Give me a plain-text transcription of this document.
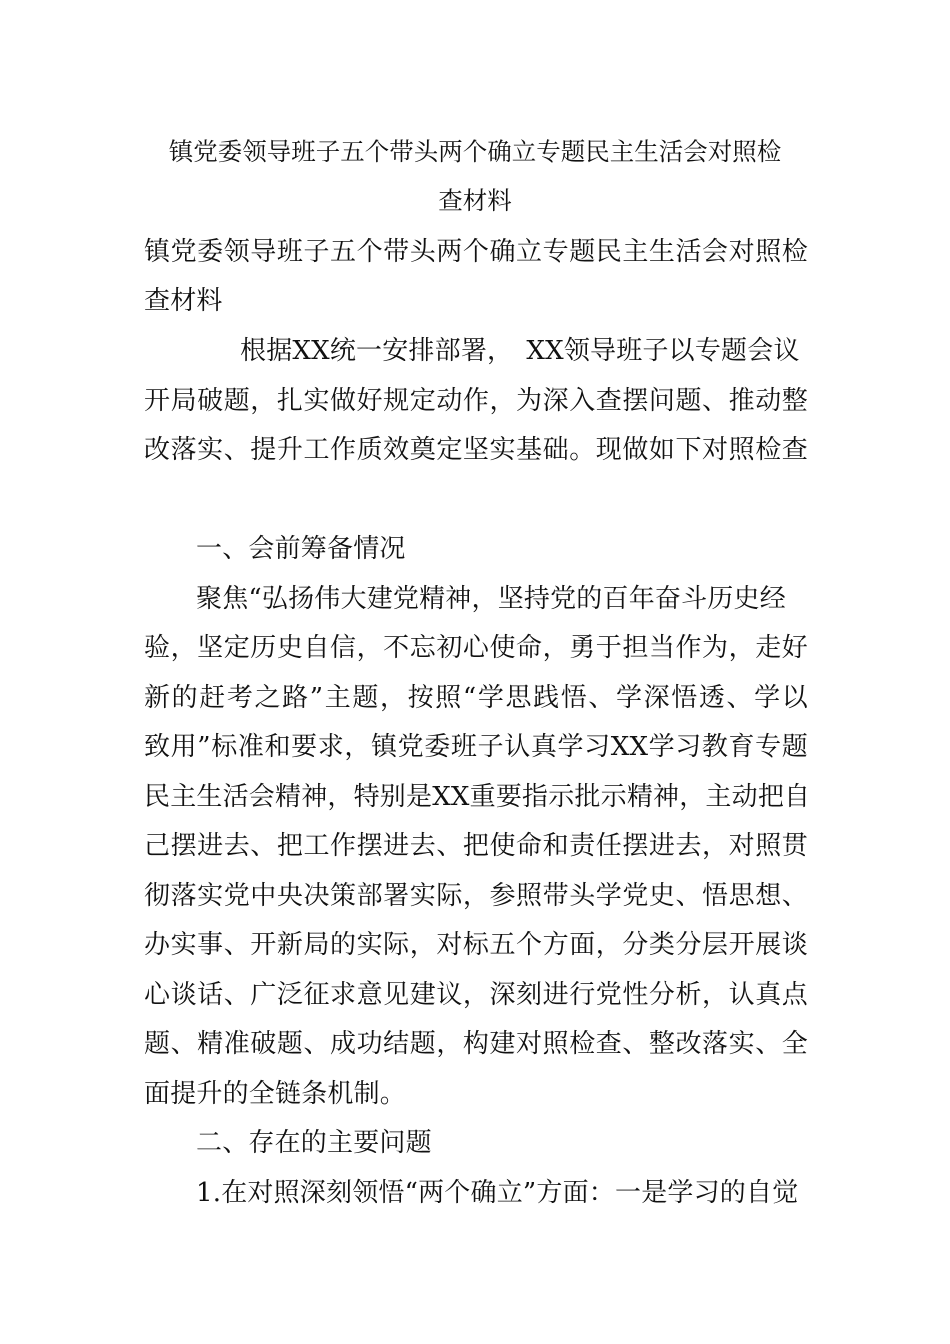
镇党委领导班子五个带头两个确立专题民主生活会对照检
查材料
镇党委领导班子五个带头两个确立专题民主生活会对照检
查材料
根据XX统一安排部署，　XX领导班子以专题会议
开局破题，扎实做好规定动作，为深入查摆问题、推动整
改落实、提升工作质效奠定坚实基础。现做如下对照检查
一、会前筹备情况
聚焦“弘扬伟大建党精神，坚持党的百年奋斗历史经
验，坚定历史自信，不忘初心使命，勇于担当作为，走好
新的赶考之路”主题，按照“学思践悟、学深悟透、学以
致用”标准和要求，镇党委班子认真学习XX学习教育专题
民主生活会精神，特别是XX重要指示批示精神，主动把自
己摆进去、把工作摆进去、把使命和责任摆进去，对照贯
彻落实党中央决策部署实际，参照带头学党史、悟思想、
办实事、开新局的实际，对标五个方面，分类分层开展谈
心谈话、广泛征求意见建议，深刻进行党性分析，认真点
题、精准破题、成功结题，构建对照检查、整改落实、全
面提升的全链条机制。
二、存在的主要问题
1.在对照深刻领悟“两个确立”方面：一是学习的自觉
